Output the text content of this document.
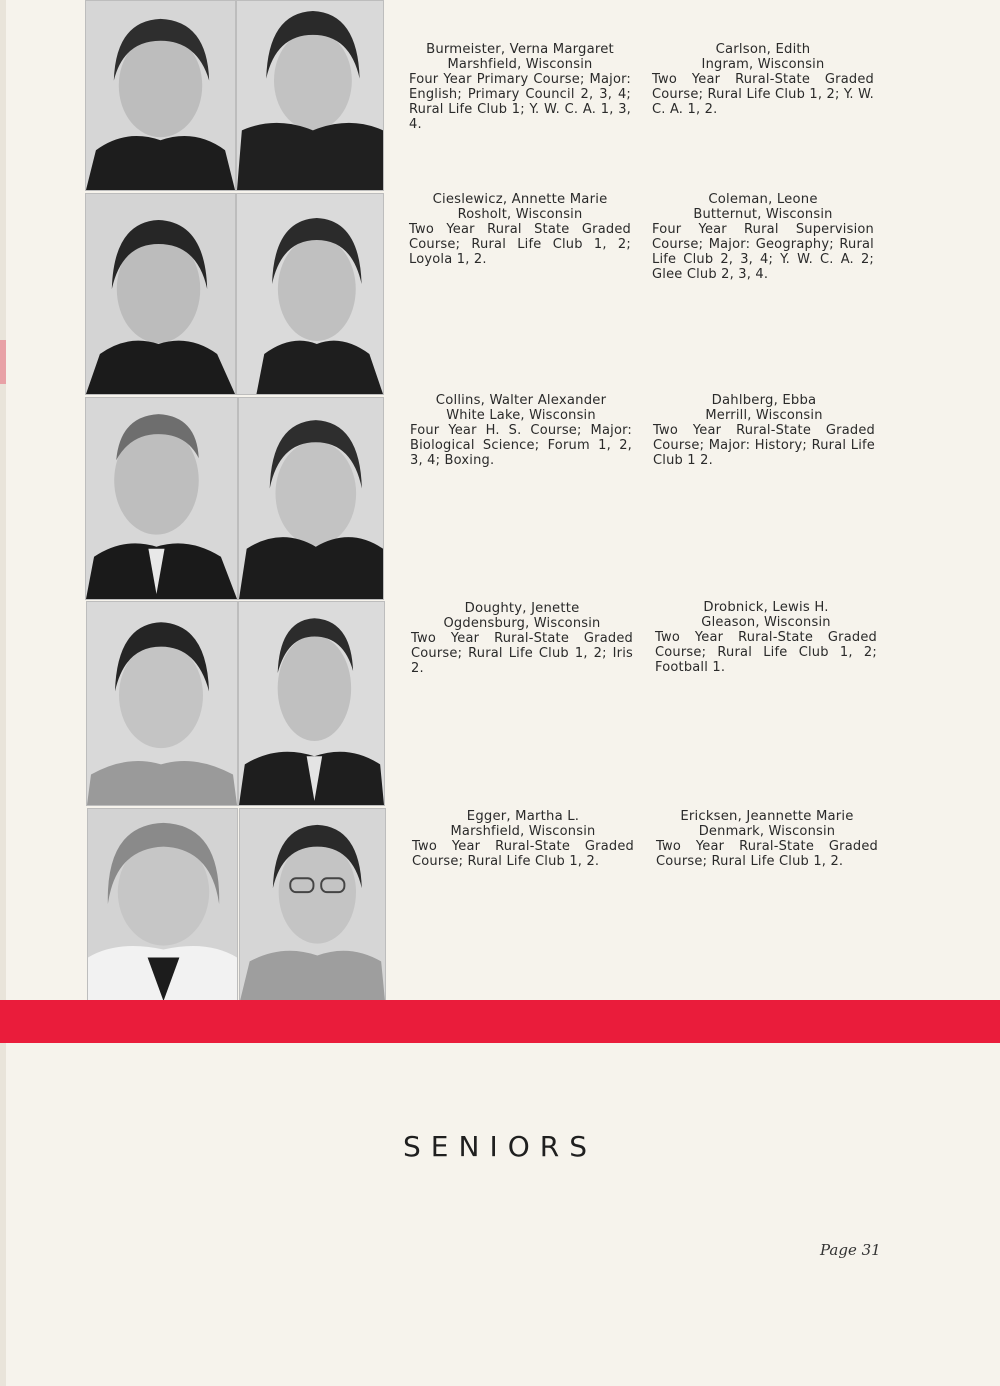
Burmeister, Verna Margaret
Marshfield, Wisconsin
Four Year Primary Course; Major: English; Primary Council 2, 3, 4; Rural Life Club 1; Y. W. C. A. 1, 3, 4.
Carlson, Edith
Ingram, Wisconsin
Two Year Rural-State Graded Course; Rural Life Club 1, 2; Y. W. C. A. 1, 2.
Cieslewicz, Annette Marie
Rosholt, Wisconsin
Two Year Rural State Graded Course; Rural Life Club 1, 2; Loyola 1, 2.
Coleman, Leone
Butternut, Wisconsin
Four Year Rural Supervision Course; Major: Geography; Rural Life Club 2, 3, 4; Y. W. C. A. 2; Glee Club 2, 3, 4.
Collins, Walter Alexander
White Lake, Wisconsin
Four Year H. S. Course; Major: Biological Science; Forum 1, 2, 3, 4; Boxing.
Dahlberg, Ebba
Merrill, Wisconsin
Two Year Rural-State Graded Course; Major: History; Rural Life Club 1 2.
Doughty, Jenette
Ogdensburg, Wisconsin
Two Year Rural-State Graded Course; Rural Life Club 1, 2; Iris 2.
Drobnick, Lewis H.
Gleason, Wisconsin
Two Year Rural-State Graded Course; Rural Life Club 1, 2; Football 1.
Egger, Martha L.
Marshfield, Wisconsin
Two Year Rural-State Graded Course; Rural Life Club 1, 2.
Ericksen, Jeannette Marie
Denmark, Wisconsin
Two Year Rural-State Graded Course; Rural Life Club 1, 2.
SENIORS
Page 31
